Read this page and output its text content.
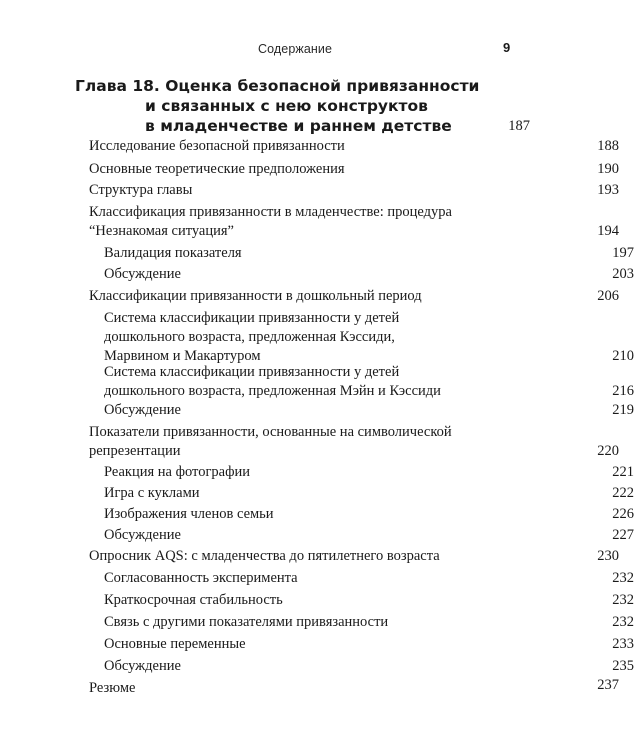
Содержание	9
Глава 18. Оценка безопасной привязанности
и связанных с нею конструктов
в младенчестве и раннем детстве	187
Исследование безопасной привязанности	188
Основные теоретические предположения	190
Структура главы	193
Классификация привязанности в младенчестве: процедура
“Незнакомая ситуация”	194
Валидация показателя	197
Обсуждение	203
Классификации привязанности в дошкольный период	206
Система классификации привязанности у детей
дошкольного возраста, предложенная Кэссиди,
Марвином и Макартуром	210
Система классификации привязанности у детей
дошкольного возраста, предложенная Мэйн и Кэссиди	216
Обсуждение	219
Показатели привязанности, основанные на символической
репрезентации	220
Реакция на фотографии	221
Игра с куклами	222
Изображения членов семьи	226
Обсуждение	227
Опросник AQS: с младенчества до пятилетнего возраста	230
Согласованность эксперимента	232
Краткосрочная стабильность	232
Связь с другими показателями привязанности	232
Основные переменные	233
Обсуждение	235
Резюме	237
